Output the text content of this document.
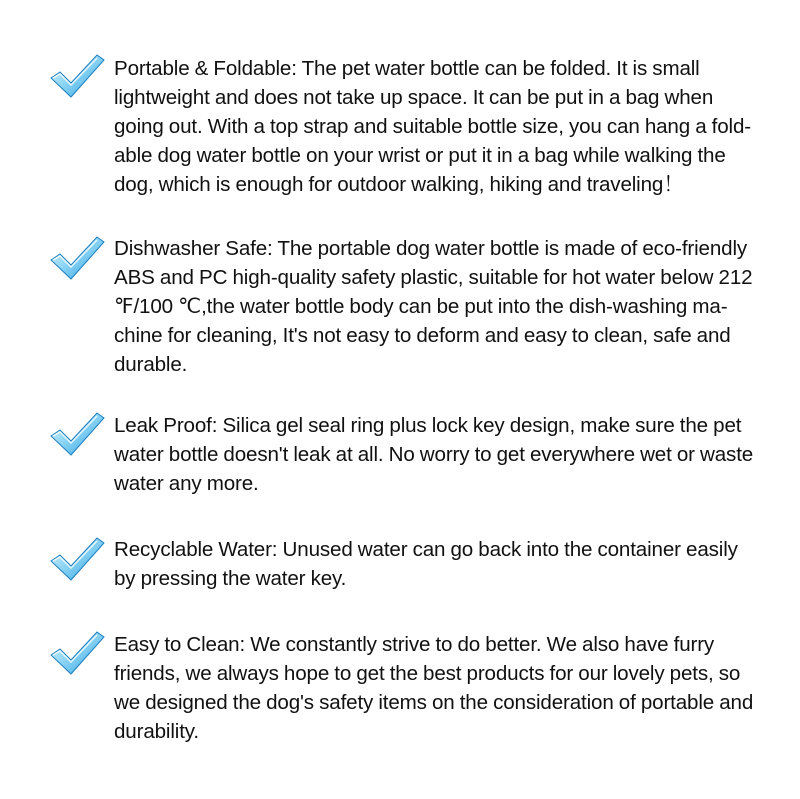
Portable & Foldable: The pet water bottle can be folded. It is small
lightweight and does not take up space. It can be put in a bag when
going out. With a top strap and suitable bottle size, you can hang a fold-
able dog water bottle on your wrist or put it in a bag while walking the
dog, which is enough for outdoor walking, hiking and traveling！

Dishwasher Safe: The portable dog water bottle is made of eco-friendly
ABS and PC high-quality safety plastic, suitable for hot water below 212
℉/100 ℃,the water bottle body can be put into the dish-washing ma-
chine for cleaning, It's not easy to deform and easy to clean, safe and
durable.

Leak Proof: Silica gel seal ring plus lock key design, make sure the pet
water bottle doesn't leak at all. No worry to get everywhere wet or waste
water any more.

Recyclable Water: Unused water can go back into the container easily
by pressing the water key.

Easy to Clean: We constantly strive to do better. We also have furry
friends, we always hope to get the best products for our lovely pets, so
we designed the dog's safety items on the consideration of portable and
durability.
